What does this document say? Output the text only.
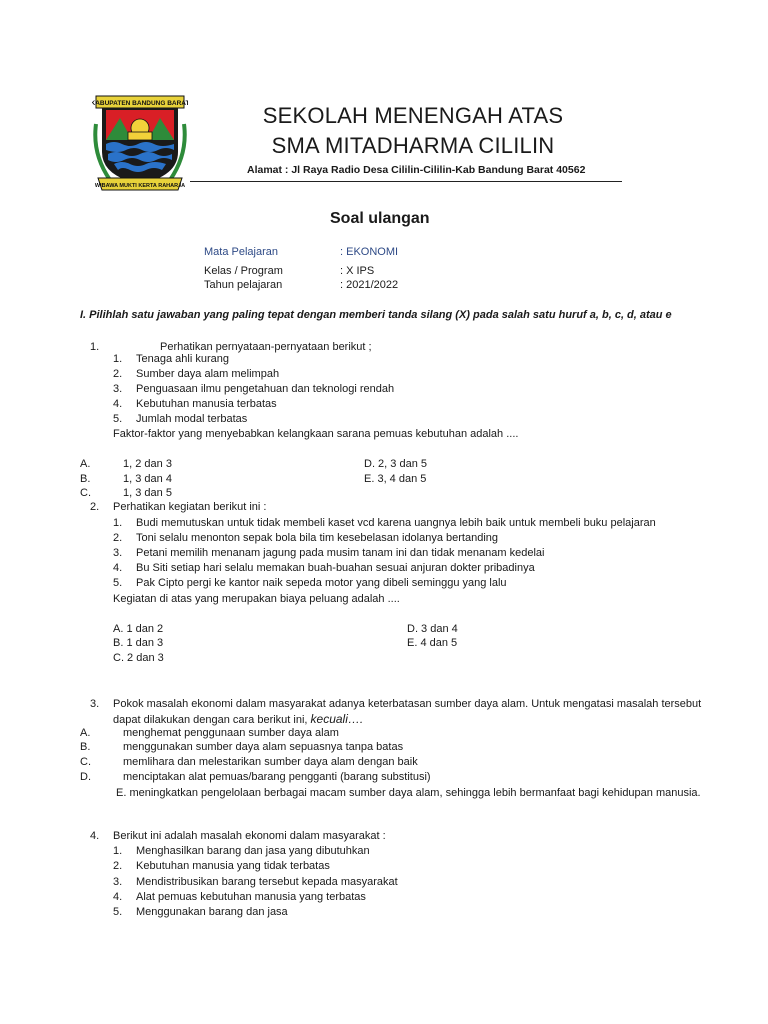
KABUPATEN BANDUNG BARAT
WIBAWA MUKTI KERTA RAHARJA
SEKOLAH MENENGAH ATAS
SMA MITADHARMA CILILIN
Alamat : Jl Raya Radio Desa Cililin-Cililin-Kab Bandung Barat 40562
Soal ulangan
Mata Pelajaran	: EKONOMI
Kelas / Program	: X IPS
Tahun pelajaran	: 2021/2022
I. Pilihlah satu jawaban yang paling tepat dengan memberi tanda silang (X) pada salah satu huruf a, b, c, d, atau e
1.	Perhatikan pernyataan-pernyataan berikut ;
1. Tenaga ahli kurang
2. Sumber daya alam melimpah
3. Penguasaan ilmu pengetahuan dan teknologi rendah
4. Kebutuhan manusia terbatas
5. Jumlah modal terbatas
Faktor-faktor yang menyebabkan kelangkaan sarana pemuas kebutuhan adalah ....
A.	1, 2 dan 3
B.	1, 3 dan 4
C.	1, 3 dan 5
D. 2, 3 dan 5
E. 3, 4 dan 5
2. Perhatikan kegiatan berikut ini :
1. Budi memutuskan untuk tidak membeli kaset vcd karena uangnya lebih baik untuk membeli buku pelajaran
2. Toni selalu menonton sepak bola bila tim kesebelasan idolanya bertanding
3. Petani memilih menanam jagung pada musim tanam ini dan tidak menanam kedelai
4. Bu Siti setiap hari selalu memakan buah-buahan sesuai anjuran dokter pribadinya
5. Pak Cipto pergi ke kantor naik sepeda motor yang dibeli seminggu yang lalu
Kegiatan di atas yang merupakan biaya peluang adalah ....
A. 1 dan 2
B. 1 dan 3
C. 2 dan 3
D. 3 dan 4
E. 4 dan 5
3. Pokok masalah ekonomi dalam masyarakat adanya keterbatasan sumber daya alam. Untuk mengatasi masalah tersebut
dapat dilakukan dengan cara berikut ini, kecuali….
A.	menghemat penggunaan sumber daya alam
B.	menggunakan sumber daya alam sepuasnya tanpa batas
C.	memlihara dan melestarikan sumber daya alam dengan baik
D.	menciptakan alat pemuas/barang pengganti (barang substitusi)
E. meningkatkan pengelolaan berbagai macam sumber daya alam, sehingga lebih bermanfaat bagi kehidupan manusia.
4. Berikut ini adalah masalah ekonomi dalam masyarakat :
1. Menghasilkan barang dan jasa yang dibutuhkan
2. Kebutuhan manusia yang tidak terbatas
3. Mendistribusikan barang tersebut kepada masyarakat
4. Alat pemuas kebutuhan manusia yang terbatas
5. Menggunakan barang dan jasa
